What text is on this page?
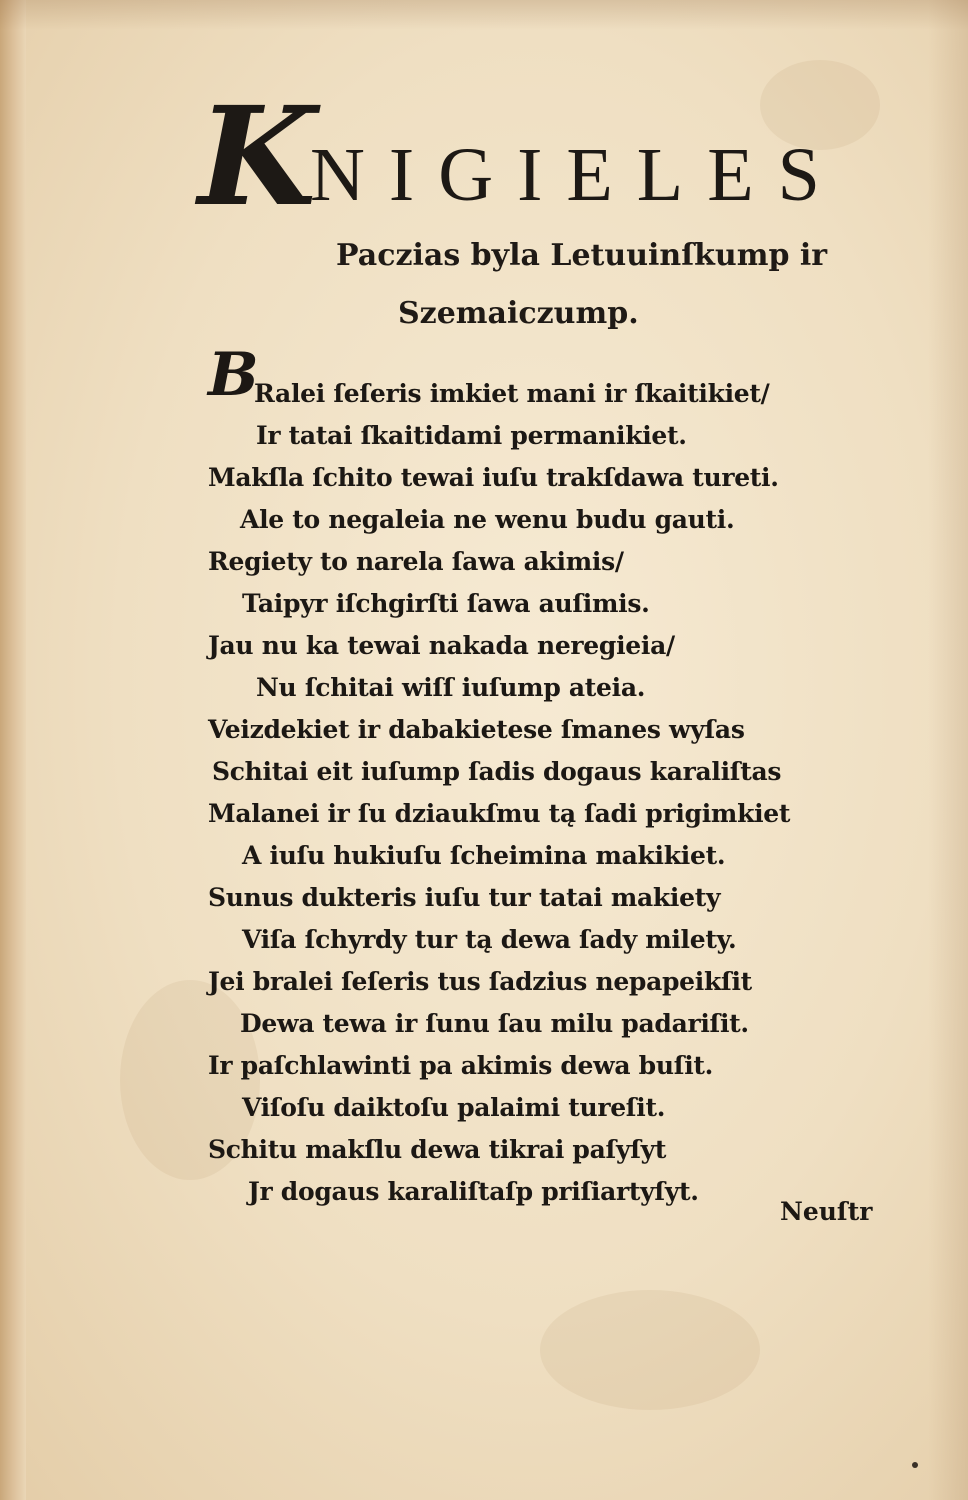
K
NIGIELES
Paczias byla Letuuinſkump ir
Szemaiczump.
B
Ralei ſeſeris imkiet mani ir ſkaitikiet/
Ir tatai ſkaitidami permanikiet.
Makſla ſchito tewai iuſu trakſdawa tureti.
Ale to negaleia ne wenu budu gauti.
Regiety to narela ſawa akimis/
Taipyr iſchgirſti ſawa auſimis.
Jau nu ka tewai nakada neregieia/
Nu ſchitai wiſſ iuſump ateia.
Veizdekiet ir dabakietese ſmanes wyſas
Schitai eit iuſump ſadis dogaus karaliſtas
Malanei ir ſu dziaukſmu tą ſadi prigimkiet
A iuſu hukiuſu ſcheimina makikiet.
Sunus dukteris iuſu tur tatai makiety
Viſa ſchyrdy tur tą dewa ſady milety.
Jei bralei ſeſeris tus ſadzius nepapeikſit
Dewa tewa ir ſunu ſau milu padariſit.
Ir paſchlawinti pa akimis dewa buſit.
Viſoſu daiktoſu palaimi tureſit.
Schitu makſlu dewa tikrai paſyſyt
Jr dogaus karaliſtaſp priſiartyſyt.
Neuſtr
